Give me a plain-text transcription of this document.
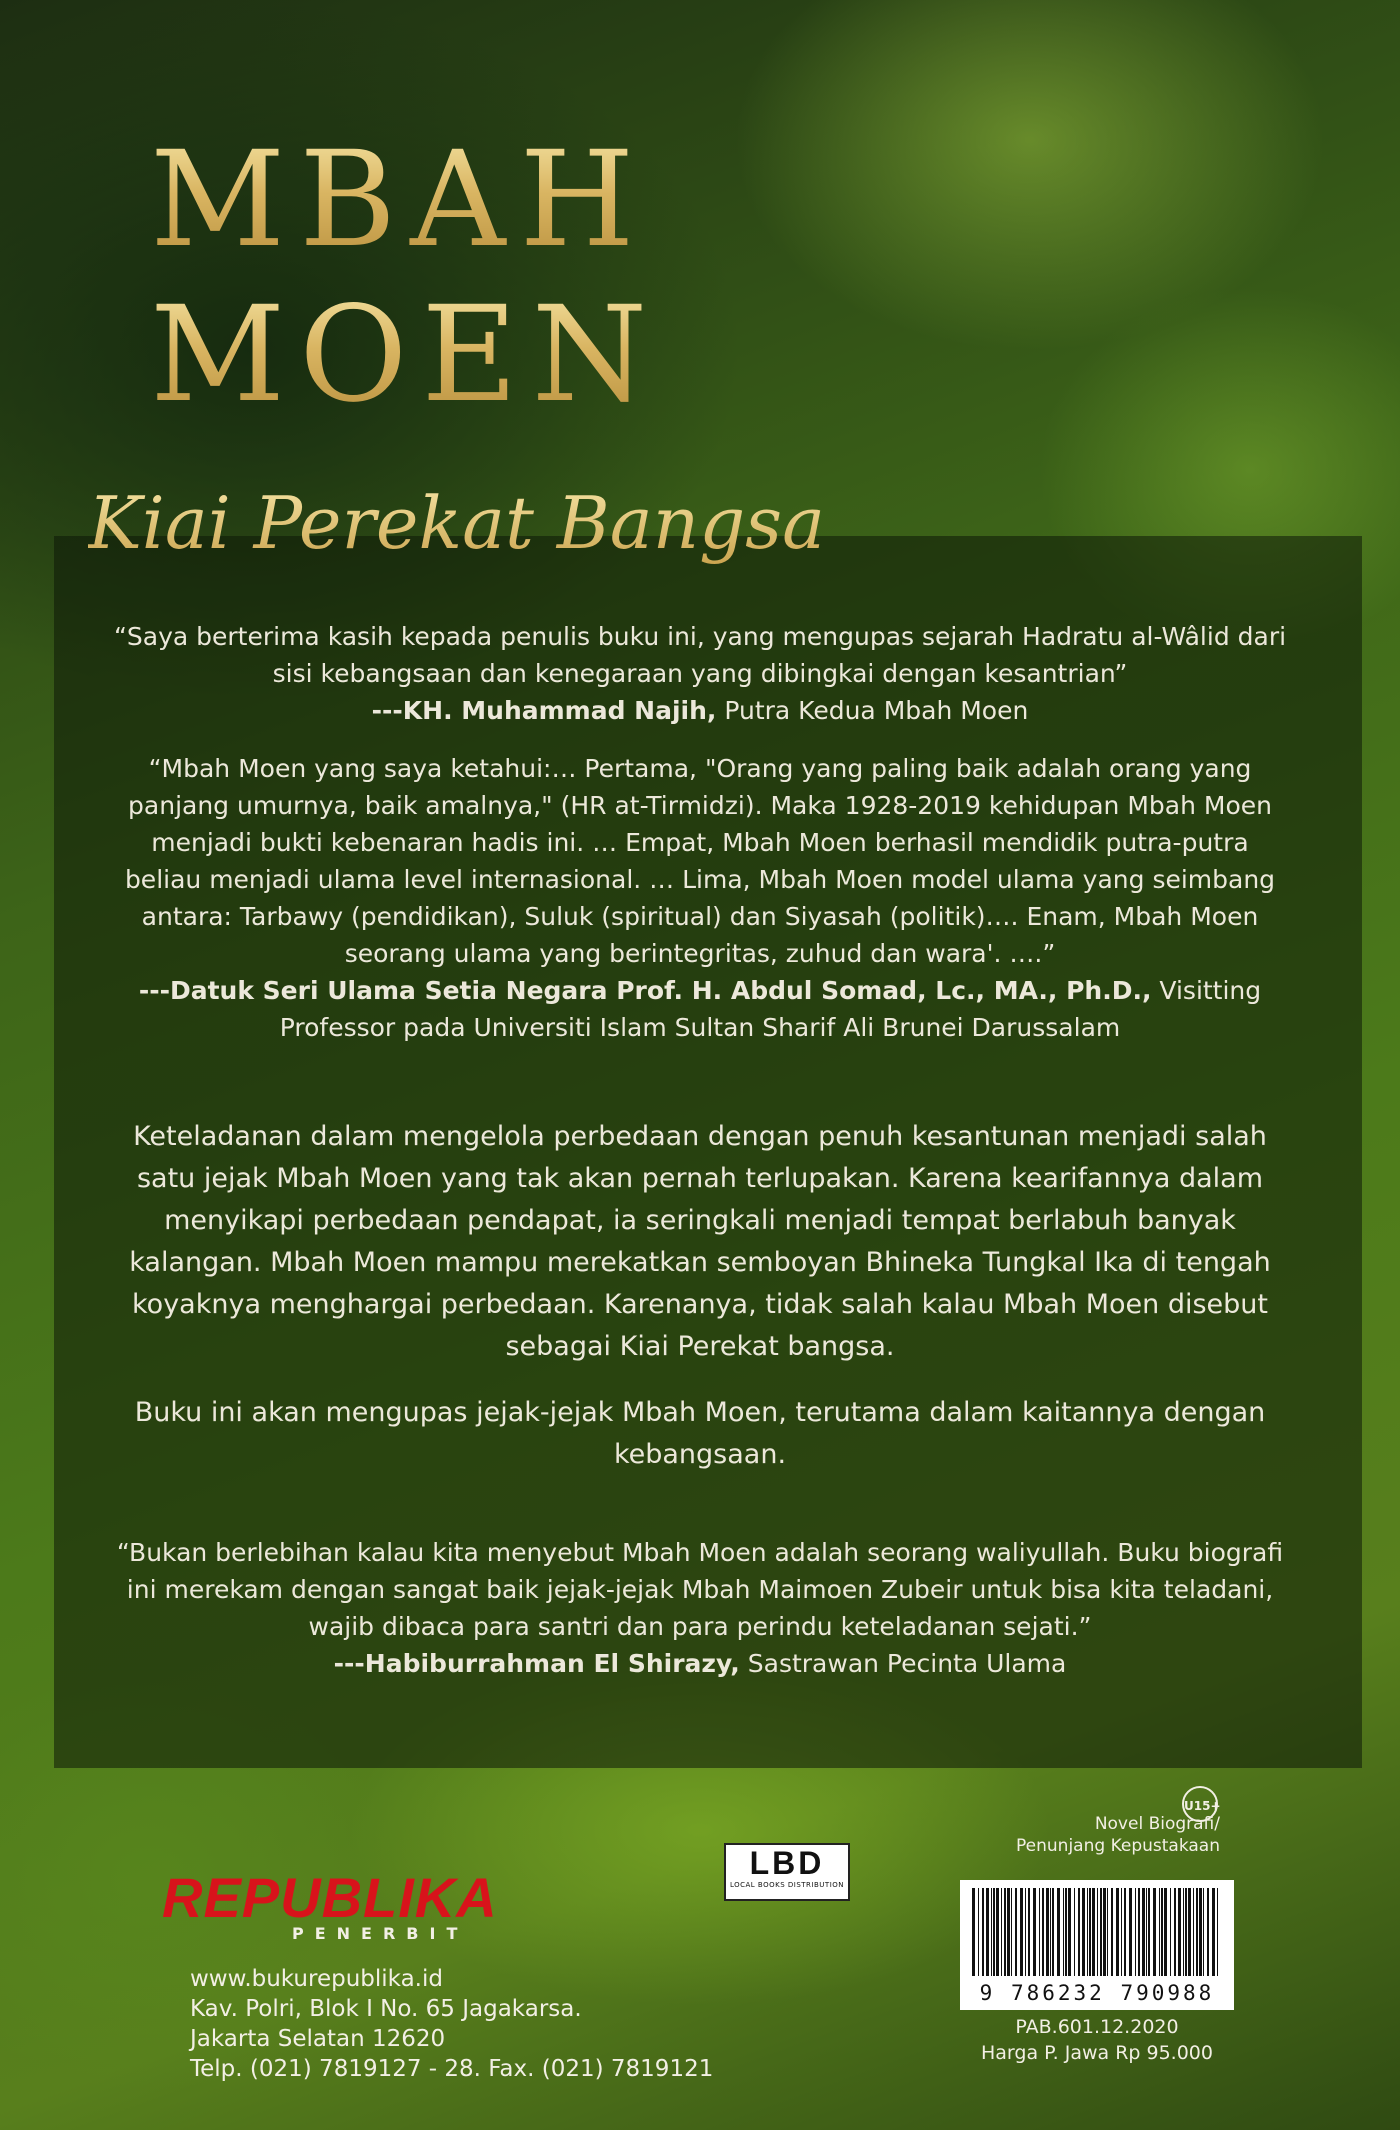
MBAH
MOEN
Kiai Perekat Bangsa
“Saya berterima kasih kepada penulis buku ini, yang mengupas sejarah Hadratu al-Wâlid dari sisi kebangsaan dan kenegaraan yang dibingkai dengan kesantrian”
---KH. Muhammad Najih, Putra Kedua Mbah Moen
“Mbah Moen yang saya ketahui:… Pertama, "Orang yang paling baik adalah orang yang panjang umurnya, baik amalnya," (HR at-Tirmidzi). Maka 1928-2019 kehidupan Mbah Moen menjadi bukti kebenaran hadis ini. … Empat, Mbah Moen berhasil mendidik putra-putra beliau menjadi ulama level internasional. … Lima, Mbah Moen model ulama yang seimbang antara: Tarbawy (pendidikan), Suluk (spiritual) dan Siyasah (politik)…. Enam, Mbah Moen seorang ulama yang berintegritas, zuhud dan wara'. ….”
---Datuk Seri Ulama Setia Negara Prof. H. Abdul Somad, Lc., MA., Ph.D., Visitting Professor pada Universiti Islam Sultan Sharif Ali Brunei Darussalam
Keteladanan dalam mengelola perbedaan dengan penuh kesantunan menjadi salah satu jejak Mbah Moen yang tak akan pernah terlupakan. Karena kearifannya dalam menyikapi perbedaan pendapat, ia seringkali menjadi tempat berlabuh banyak kalangan. Mbah Moen mampu merekatkan semboyan Bhineka Tungkal Ika di tengah koyaknya menghargai perbedaan. Karenanya, tidak salah kalau Mbah Moen disebut sebagai Kiai Perekat bangsa.
Buku ini akan mengupas jejak-jejak Mbah Moen, terutama dalam kaitannya dengan kebangsaan.
“Bukan berlebihan kalau kita menyebut Mbah Moen adalah seorang waliyullah. Buku biografi ini merekam dengan sangat baik jejak-jejak Mbah Maimoen Zubeir untuk bisa kita teladani, wajib dibaca para santri dan para perindu keteladanan sejati.”
---Habiburrahman El Shirazy, Sastrawan Pecinta Ulama
REPUBLIKA
PENERBIT
www.bukurepublika.id
Kav. Polri, Blok I No. 65 Jagakarsa.
Jakarta Selatan 12620
Telp. (021) 7819127 - 28. Fax. (021) 7819121
LBD
LOCAL BOOKS DISTRIBUTION
U15+
Novel Biografi/
Penunjang Kepustakaan
9 786232 790988
PAB.601.12.2020
Harga P. Jawa Rp 95.000
